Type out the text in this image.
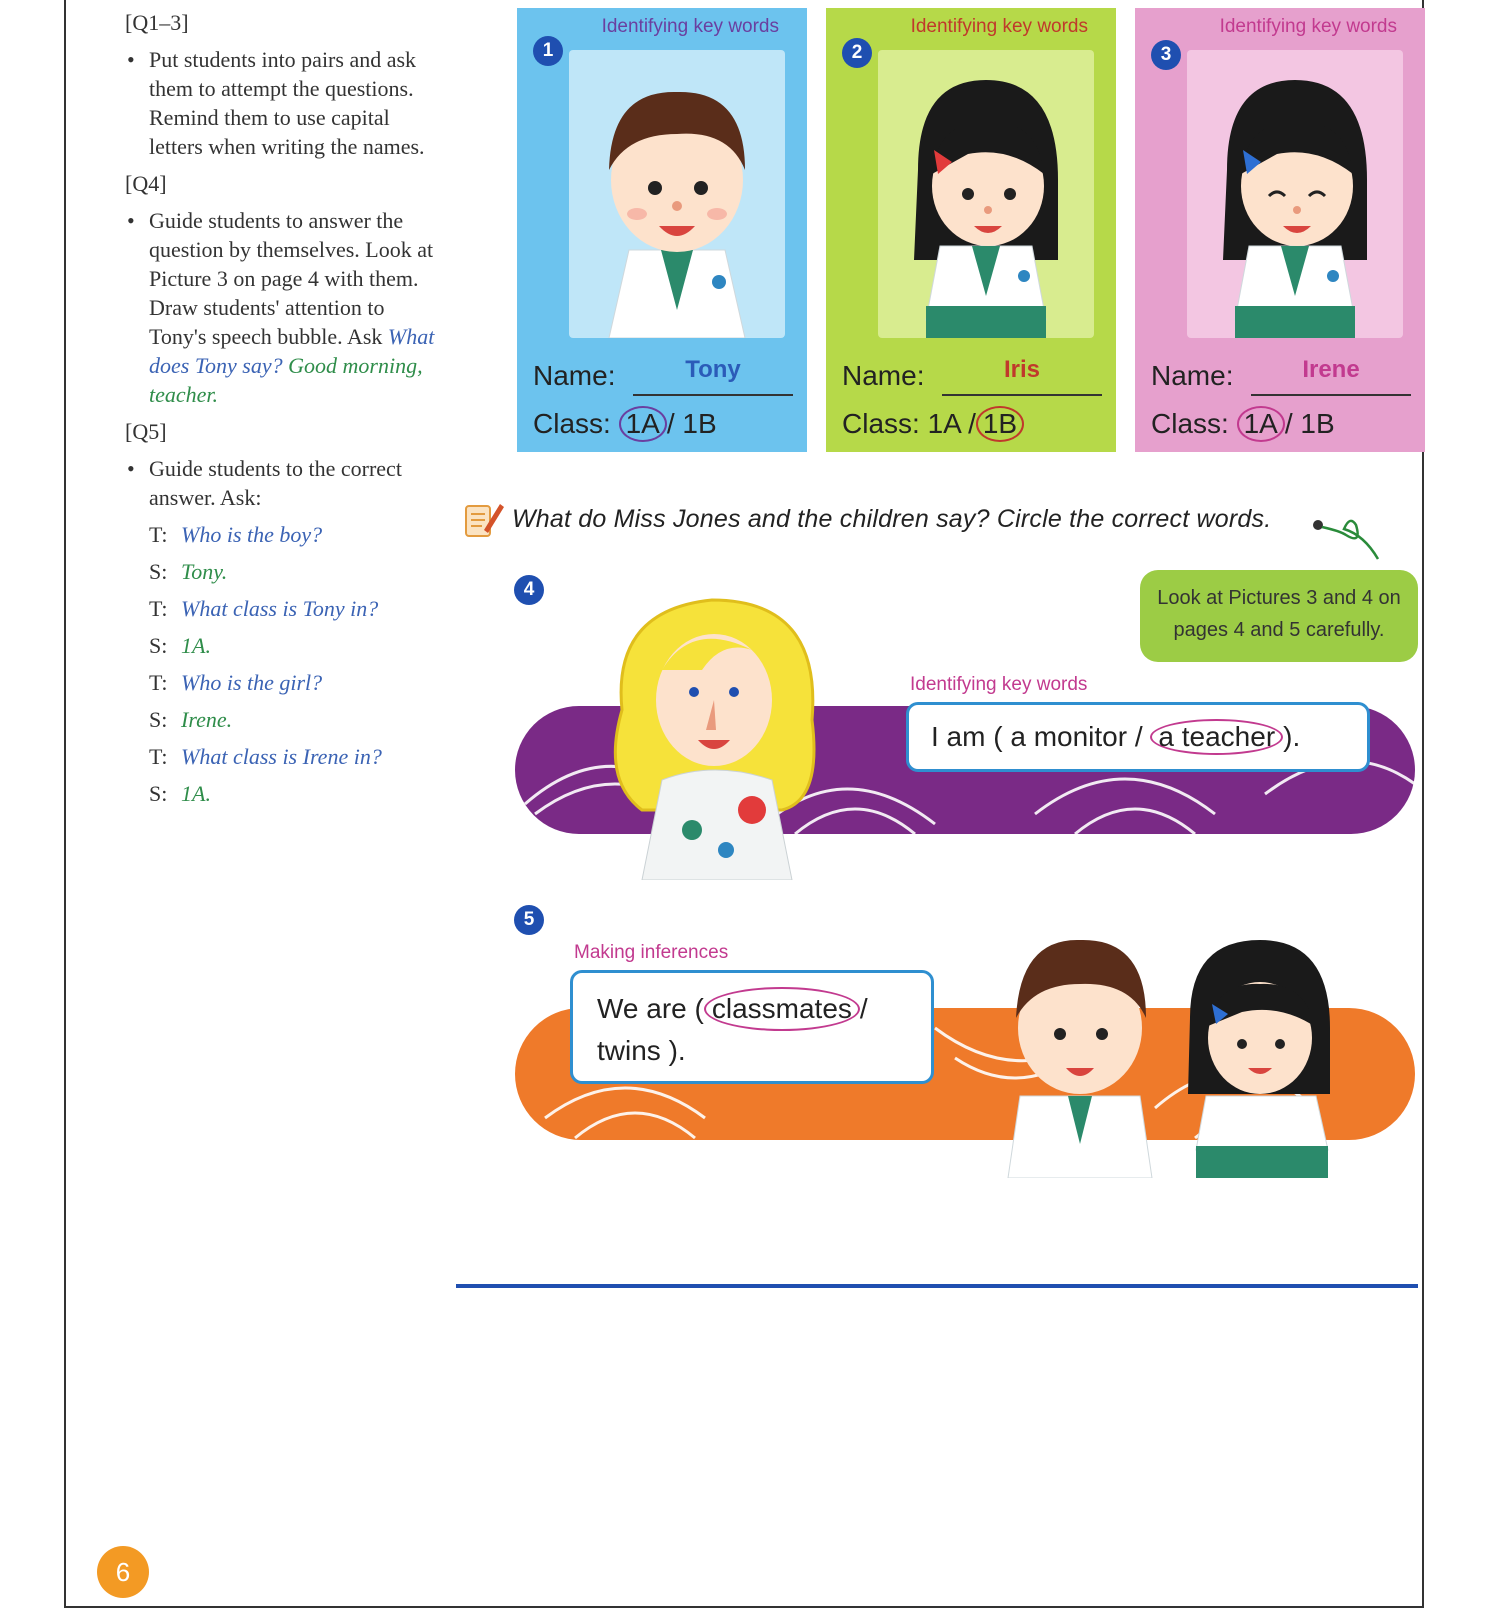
[Q1–3]
• Put students into pairs and ask them to attempt the questions. Remind them to use capital letters when writing the names.
[Q4]
• Guide students to answer the question by themselves. Look at Picture 3 on page 4 with them. Draw students' attention to Tony's speech bubble. Ask What does Tony say? Good morning, teacher.
[Q5]
• Guide students to the correct answer. Ask:
T: Who is the boy?
S: Tony.
T: What class is Tony in?
S: 1A.
T: Who is the girl?
S: Irene.
T: What class is Irene in?
S: 1A.
1
Identifying key words
Name:	Tony
Class: 1A / 1B
2
Identifying key words
Name:	Iris
Class: 1A / 1B
3
Identifying key words
Name:	Irene
Class: 1A / 1B
What do Miss Jones and the children say? Circle the correct words.
Look at Pictures 3 and 4 on pages 4 and 5 carefully.
4
Identifying key words
I am ( a monitor / a teacher ).
5
Making inferences
We are ( classmates /
twins ).
6
